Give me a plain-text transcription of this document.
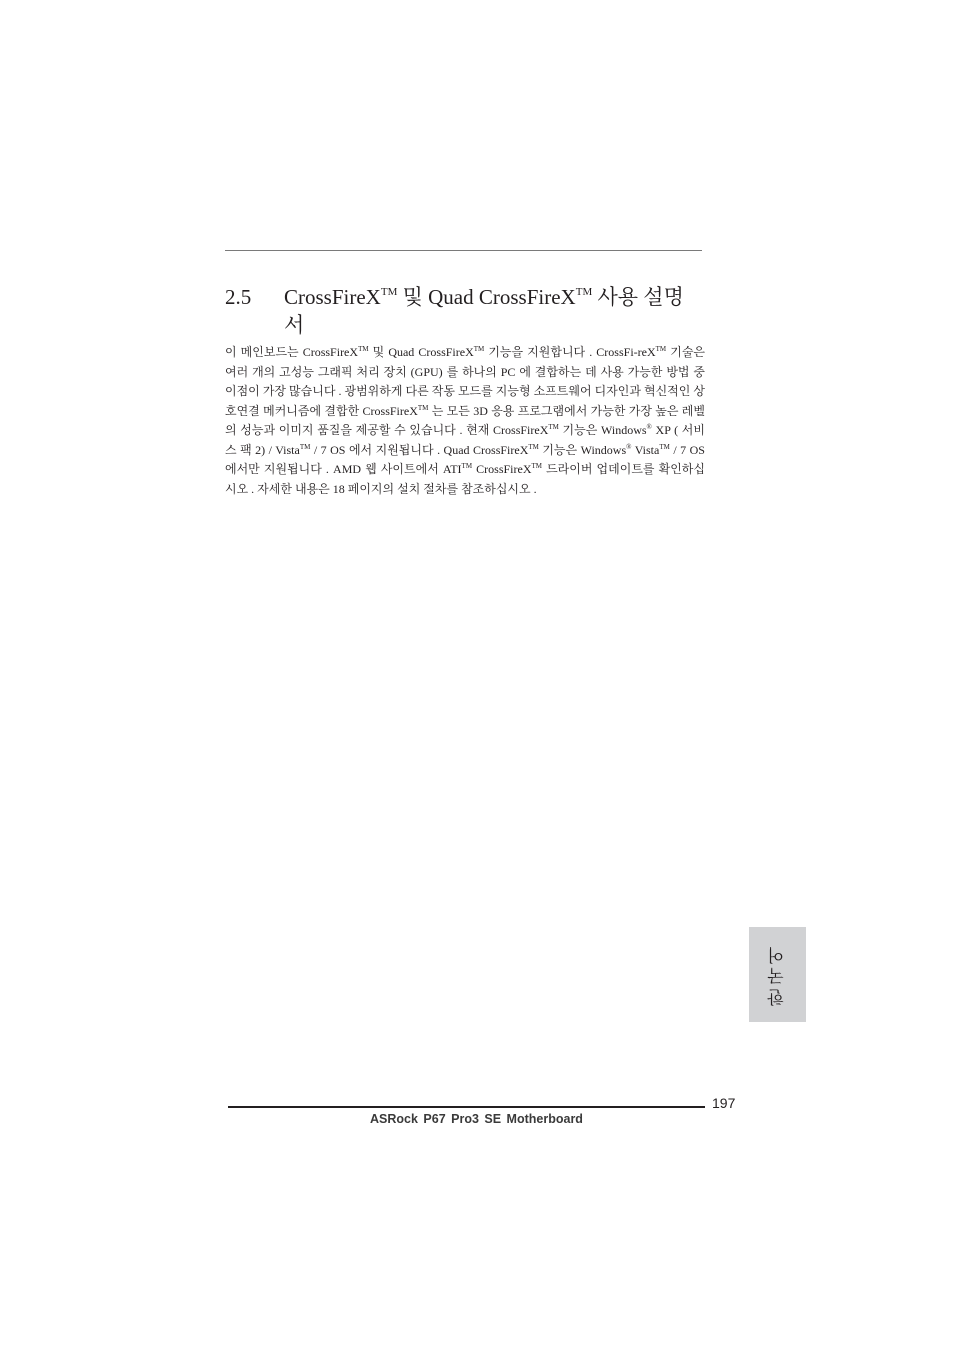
2.5 CrossFireX™ 및 Quad CrossFireX™ 사용 설명서

이 메인보드는 CrossFireX™ 및 Quad CrossFireX™ 기능을 지원합니다 . CrossFi-reX™ 기술은 여러 개의 고성능 그래픽 처리 장치 (GPU) 를 하나의 PC 에 결합하는 데 사용 가능한 방법 중 이점이 가장 많습니다 . 광범위하게 다른 작동 모드를 지능형 소프트웨어 디자인과 혁신적인 상호연결 메커니즘에 결합한 CrossFireX™ 는 모든 3D 응용 프로그램에서 가능한 가장 높은 레벨의 성능과 이미지 품질을 제공할 수 있습니다 . 현재 CrossFireX™ 기능은 Windows® XP ( 서비스 팩 2) / Vista™ / 7 OS 에서 지원됩니다 . Quad CrossFireX™ 기능은 Windows® Vista™ / 7 OS 에서만 지원됩니다 . AMD 웹 사이트에서 ATI™ CrossFireX™ 드라이버 업데이트를 확인하십시오 . 자세한 내용은 18 페이지의 설치 절차를 참조하십시오 .

한국어
197
ASRock P67 Pro3 SE Motherboard
